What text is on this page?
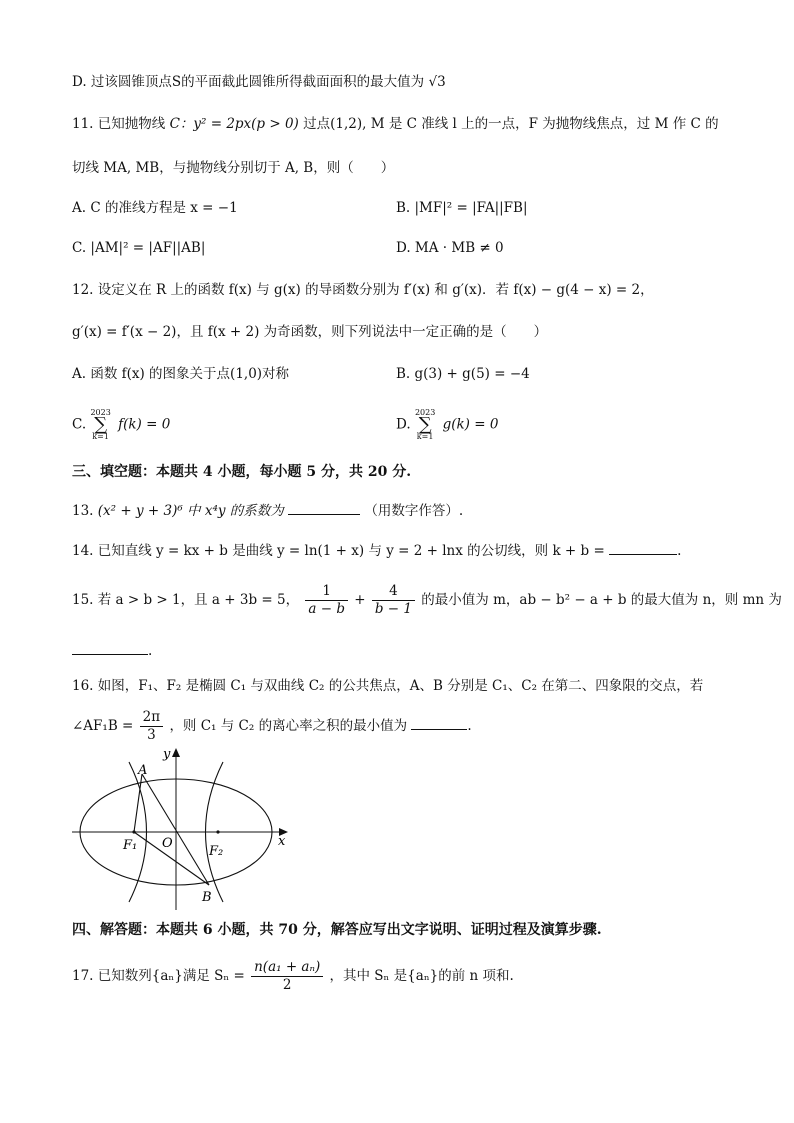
D. 过该圆锥顶点S的平面截此圆锥所得截面面积的最大值为 √3
11. 已知抛物线 C：y² = 2px(p > 0) 过点(1,2), M 是 C 准线 l 上的一点，F 为抛物线焦点，过 M 作 C 的
切线 MA, MB，与抛物线分别切于 A, B，则（　　）
A. C 的准线方程是 x = −1	B. |MF|² = |FA||FB|
C. |AM|² = |AF||AB|	D. MA · MB ≠ 0
12. 设定义在 R 上的函数 f(x) 与 g(x) 的导函数分别为 f′(x) 和 g′(x)．若 f(x) − g(4 − x) = 2，
g′(x) = f′(x − 2)，且 f(x + 2) 为奇函数，则下列说法中一定正确的是（　　）
A. 函数 f(x) 的图象关于点(1,0)对称	B. g(3) + g(5) = −4
C.
2023
∑
k=1
f(k) = 0	D.
2023
∑
k=1
g(k) = 0
三、填空题：本题共 4 小题，每小题 5 分，共 20 分.
13. (x² + y + 3)⁶ 中 x⁴y 的系数为	（用数字作答）.
14. 已知直线 y = kx + b 是曲线 y = ln(1 + x) 与 y = 2 + lnx 的公切线，则 k + b =	.
15. 若 a > b > 1，且 a + 3b = 5， $\frac{1}{a - b} + \frac{4}{b - 1}$ 的最小值为 m，ab − b² − a + b 的最大值为 n，则 mn 为
.
16. 如图，F₁、F₂ 是椭圆 C₁ 与双曲线 C₂ 的公共焦点，A、B 分别是 C₁、C₂ 在第二、四象限的交点，若
∠AF₁B = $\frac{2\pi}{3}$ ，则 C₁ 与 C₂ 的离心率之积的最小值为	.
y
x
A
B
O
F₁	F₂
四、解答题：本题共 6 小题，共 70 分，解答应写出文字说明、证明过程及演算步骤.
17. 已知数列{aₙ}满足 $S_n = \frac{\text{n(a₁ + aₙ)}}{2}$ ，其中 Sₙ 是{aₙ}的前 n 项和.
